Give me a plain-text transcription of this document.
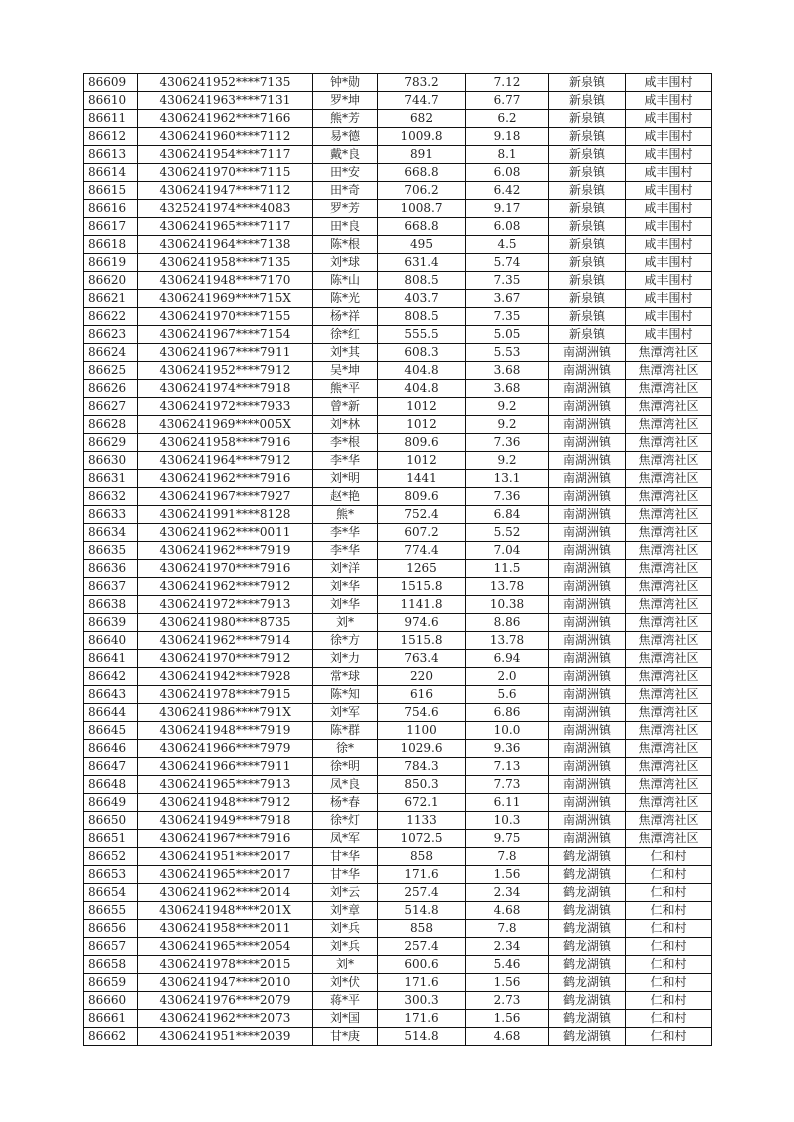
86609	4306241952****7135	钟*勋	783.2	7.12	新泉镇	咸丰围村
86610	4306241963****7131	罗*坤	744.7	6.77	新泉镇	咸丰围村
86611	4306241962****7166	熊*芳	682	6.2	新泉镇	咸丰围村
86612	4306241960****7112	易*德	1009.8	9.18	新泉镇	咸丰围村
86613	4306241954****7117	戴*良	891	8.1	新泉镇	咸丰围村
86614	4306241970****7115	田*安	668.8	6.08	新泉镇	咸丰围村
86615	4306241947****7112	田*奇	706.2	6.42	新泉镇	咸丰围村
86616	4325241974****4083	罗*芳	1008.7	9.17	新泉镇	咸丰围村
86617	4306241965****7117	田*良	668.8	6.08	新泉镇	咸丰围村
86618	4306241964****7138	陈*根	495	4.5	新泉镇	咸丰围村
86619	4306241958****7135	刘*球	631.4	5.74	新泉镇	咸丰围村
86620	4306241948****7170	陈*山	808.5	7.35	新泉镇	咸丰围村
86621	4306241969****715X	陈*光	403.7	3.67	新泉镇	咸丰围村
86622	4306241970****7155	杨*祥	808.5	7.35	新泉镇	咸丰围村
86623	4306241967****7154	徐*红	555.5	5.05	新泉镇	咸丰围村
86624	4306241967****7911	刘*其	608.3	5.53	南湖洲镇	焦潭湾社区
86625	4306241952****7912	吴*坤	404.8	3.68	南湖洲镇	焦潭湾社区
86626	4306241974****7918	熊*平	404.8	3.68	南湖洲镇	焦潭湾社区
86627	4306241972****7933	曾*新	1012	9.2	南湖洲镇	焦潭湾社区
86628	4306241969****005X	刘*林	1012	9.2	南湖洲镇	焦潭湾社区
86629	4306241958****7916	李*根	809.6	7.36	南湖洲镇	焦潭湾社区
86630	4306241964****7912	李*华	1012	9.2	南湖洲镇	焦潭湾社区
86631	4306241962****7916	刘*明	1441	13.1	南湖洲镇	焦潭湾社区
86632	4306241967****7927	赵*艳	809.6	7.36	南湖洲镇	焦潭湾社区
86633	4306241991****8128	熊*	752.4	6.84	南湖洲镇	焦潭湾社区
86634	4306241962****0011	李*华	607.2	5.52	南湖洲镇	焦潭湾社区
86635	4306241962****7919	李*华	774.4	7.04	南湖洲镇	焦潭湾社区
86636	4306241970****7916	刘*洋	1265	11.5	南湖洲镇	焦潭湾社区
86637	4306241962****7912	刘*华	1515.8	13.78	南湖洲镇	焦潭湾社区
86638	4306241972****7913	刘*华	1141.8	10.38	南湖洲镇	焦潭湾社区
86639	4306241980****8735	刘*	974.6	8.86	南湖洲镇	焦潭湾社区
86640	4306241962****7914	徐*方	1515.8	13.78	南湖洲镇	焦潭湾社区
86641	4306241970****7912	刘*力	763.4	6.94	南湖洲镇	焦潭湾社区
86642	4306241942****7928	常*球	220	2.0	南湖洲镇	焦潭湾社区
86643	4306241978****7915	陈*知	616	5.6	南湖洲镇	焦潭湾社区
86644	4306241986****791X	刘*军	754.6	6.86	南湖洲镇	焦潭湾社区
86645	4306241948****7919	陈*群	1100	10.0	南湖洲镇	焦潭湾社区
86646	4306241966****7979	徐*	1029.6	9.36	南湖洲镇	焦潭湾社区
86647	4306241966****7911	徐*明	784.3	7.13	南湖洲镇	焦潭湾社区
86648	4306241965****7913	凤*良	850.3	7.73	南湖洲镇	焦潭湾社区
86649	4306241948****7912	杨*春	672.1	6.11	南湖洲镇	焦潭湾社区
86650	4306241949****7918	徐*灯	1133	10.3	南湖洲镇	焦潭湾社区
86651	4306241967****7916	凤*军	1072.5	9.75	南湖洲镇	焦潭湾社区
86652	4306241951****2017	甘*华	858	7.8	鹤龙湖镇	仁和村
86653	4306241965****2017	甘*华	171.6	1.56	鹤龙湖镇	仁和村
86654	4306241962****2014	刘*云	257.4	2.34	鹤龙湖镇	仁和村
86655	4306241948****201X	刘*章	514.8	4.68	鹤龙湖镇	仁和村
86656	4306241958****2011	刘*兵	858	7.8	鹤龙湖镇	仁和村
86657	4306241965****2054	刘*兵	257.4	2.34	鹤龙湖镇	仁和村
86658	4306241978****2015	刘*	600.6	5.46	鹤龙湖镇	仁和村
86659	4306241947****2010	刘*伏	171.6	1.56	鹤龙湖镇	仁和村
86660	4306241976****2079	蒋*平	300.3	2.73	鹤龙湖镇	仁和村
86661	4306241962****2073	刘*国	171.6	1.56	鹤龙湖镇	仁和村
86662	4306241951****2039	甘*庚	514.8	4.68	鹤龙湖镇	仁和村
